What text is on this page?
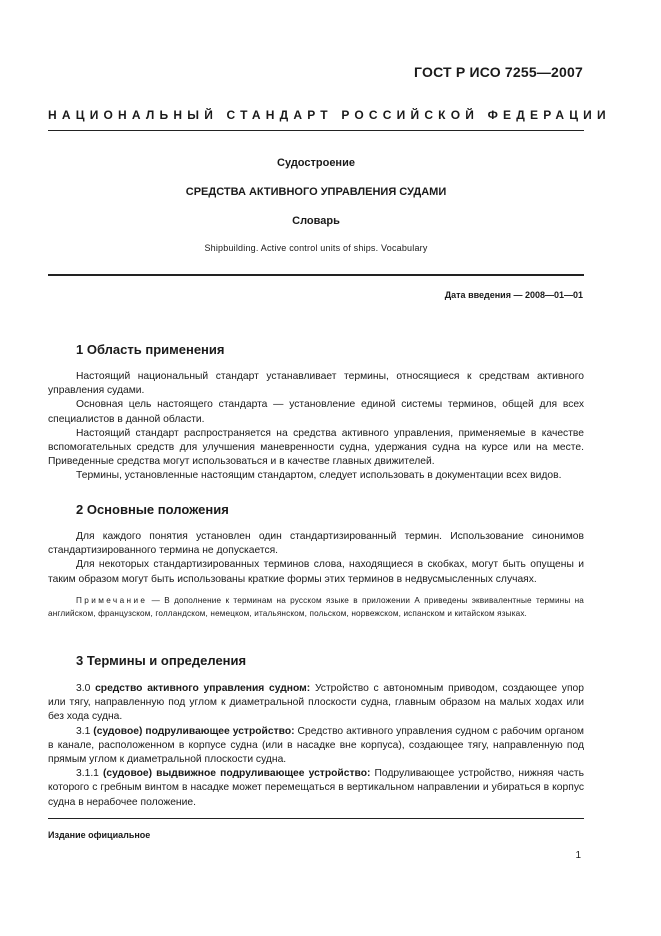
ГОСТ Р ИСО 7255—2007
НАЦИОНАЛЬНЫЙ СТАНДАРТ РОССИЙСКОЙ ФЕДЕРАЦИИ
Судостроение
СРЕДСТВА АКТИВНОГО УПРАВЛЕНИЯ СУДАМИ
Словарь
Shipbuilding. Active control units of ships. Vocabulary
Дата введения — 2008—01—01
1 Область применения

Настоящий национальный стандарт устанавливает термины, относящиеся к средствам активного управления судами.

Основная цель настоящего стандарта — установление единой системы терминов, общей для всех специалистов в данной области.

Настоящий стандарт распространяется на средства активного управления, применяемые в качестве вспомогательных средств для улучшения маневренности судна, удержания судна на курсе или на месте. Приведенные средства могут использоваться и в качестве главных движителей.

Термины, установленные настоящим стандартом, следует использовать в документации всех видов.

2 Основные положения

Для каждого понятия установлен один стандартизированный термин. Использование синонимов стандартизированного термина не допускается.

Для некоторых стандартизированных терминов слова, находящиеся в скобках, могут быть опущены и таким образом могут быть использованы краткие формы этих терминов в недвусмысленных случаях.

Примечание — В дополнение к терминам на русском языке в приложении А приведены эквивалентные термины на английском, французском, голландском, немецком, итальянском, польском, норвежском, испанском и китайском языках.

3 Термины и определения

3.0 средство активного управления судном: Устройство с автономным приводом, создающее упор или тягу, направленную под углом к диаметральной плоскости судна, главным образом на малых ходах или без хода судна.

3.1 (судовое) подруливающее устройство: Средство активного управления судном с рабочим органом в канале, расположенном в корпусе судна (или в насадке вне корпуса), создающее тягу, направленную под прямым углом к диаметральной плоскости судна.

3.1.1 (судовое) выдвижное подруливающее устройство: Подруливающее устройство, нижняя часть которого с гребным винтом в насадке может перемещаться в вертикальном направлении и убираться в корпус судна в нерабочее положение.

Издание официальное
1
